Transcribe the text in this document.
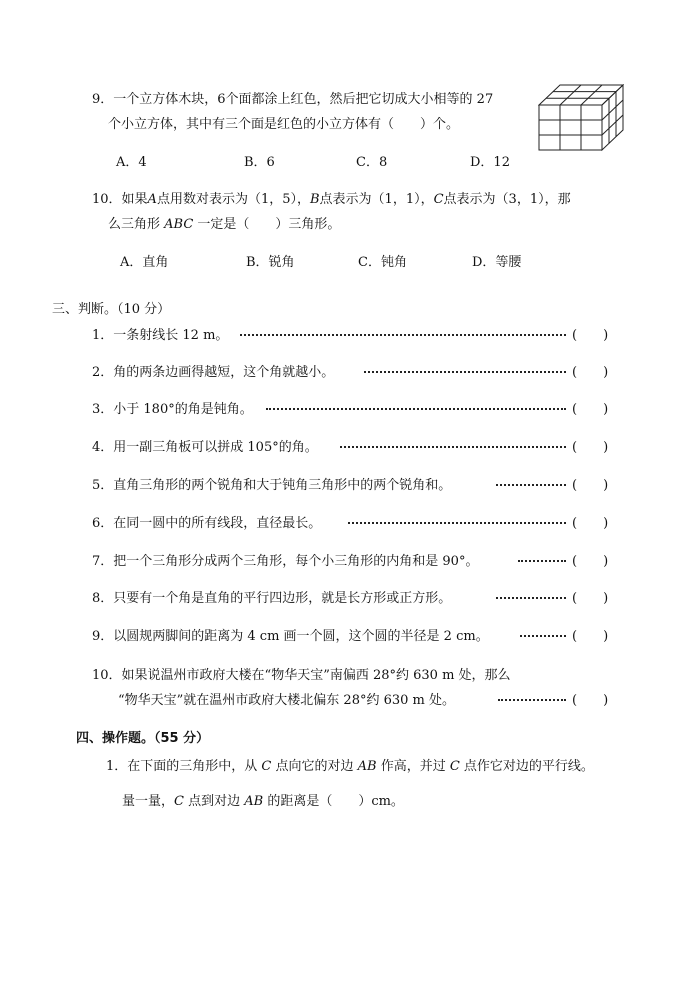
9．一个立方体木块，6个面都涂上红色，然后把它切成大小相等的 27
个小立方体，其中有三个面是红色的小立方体有（　　）个。
A．4	B．6	C．8	D．12
10．如果A点用数对表示为（1，5），B点表示为（1，1），C点表示为（3，1），那
么三角形 ABC 一定是（　　）三角形。
A．直角	B．锐角	C．钝角	D．等腰
三、判断。（10 分）
1．一条射线长 12 m。	(　　)
2．角的两条边画得越短，这个角就越小。	(　　)
3．小于 180°的角是钝角。	(　　)
4．用一副三角板可以拼成 105°的角。	(　　)
5．直角三角形的两个锐角和大于钝角三角形中的两个锐角和。	(　　)
6．在同一圆中的所有线段，直径最长。	(　　)
7．把一个三角形分成两个三角形，每个小三角形的内角和是 90°。	(　　)
8．只要有一个角是直角的平行四边形，就是长方形或正方形。	(　　)
9．以圆规两脚间的距离为 4 cm 画一个圆，这个圆的半径是 2 cm。	(　　)
10．如果说温州市政府大楼在“物华天宝”南偏西 28°约 630 m 处，那么
“物华天宝”就在温州市政府大楼北偏东 28°约 630 m 处。	(　　)
四、操作题。（55 分）
1．在下面的三角形中，从 C 点向它的对边 AB 作高，并过 C 点作它对边的平行线。
量一量，C 点到对边 AB 的距离是（　　）cm。
